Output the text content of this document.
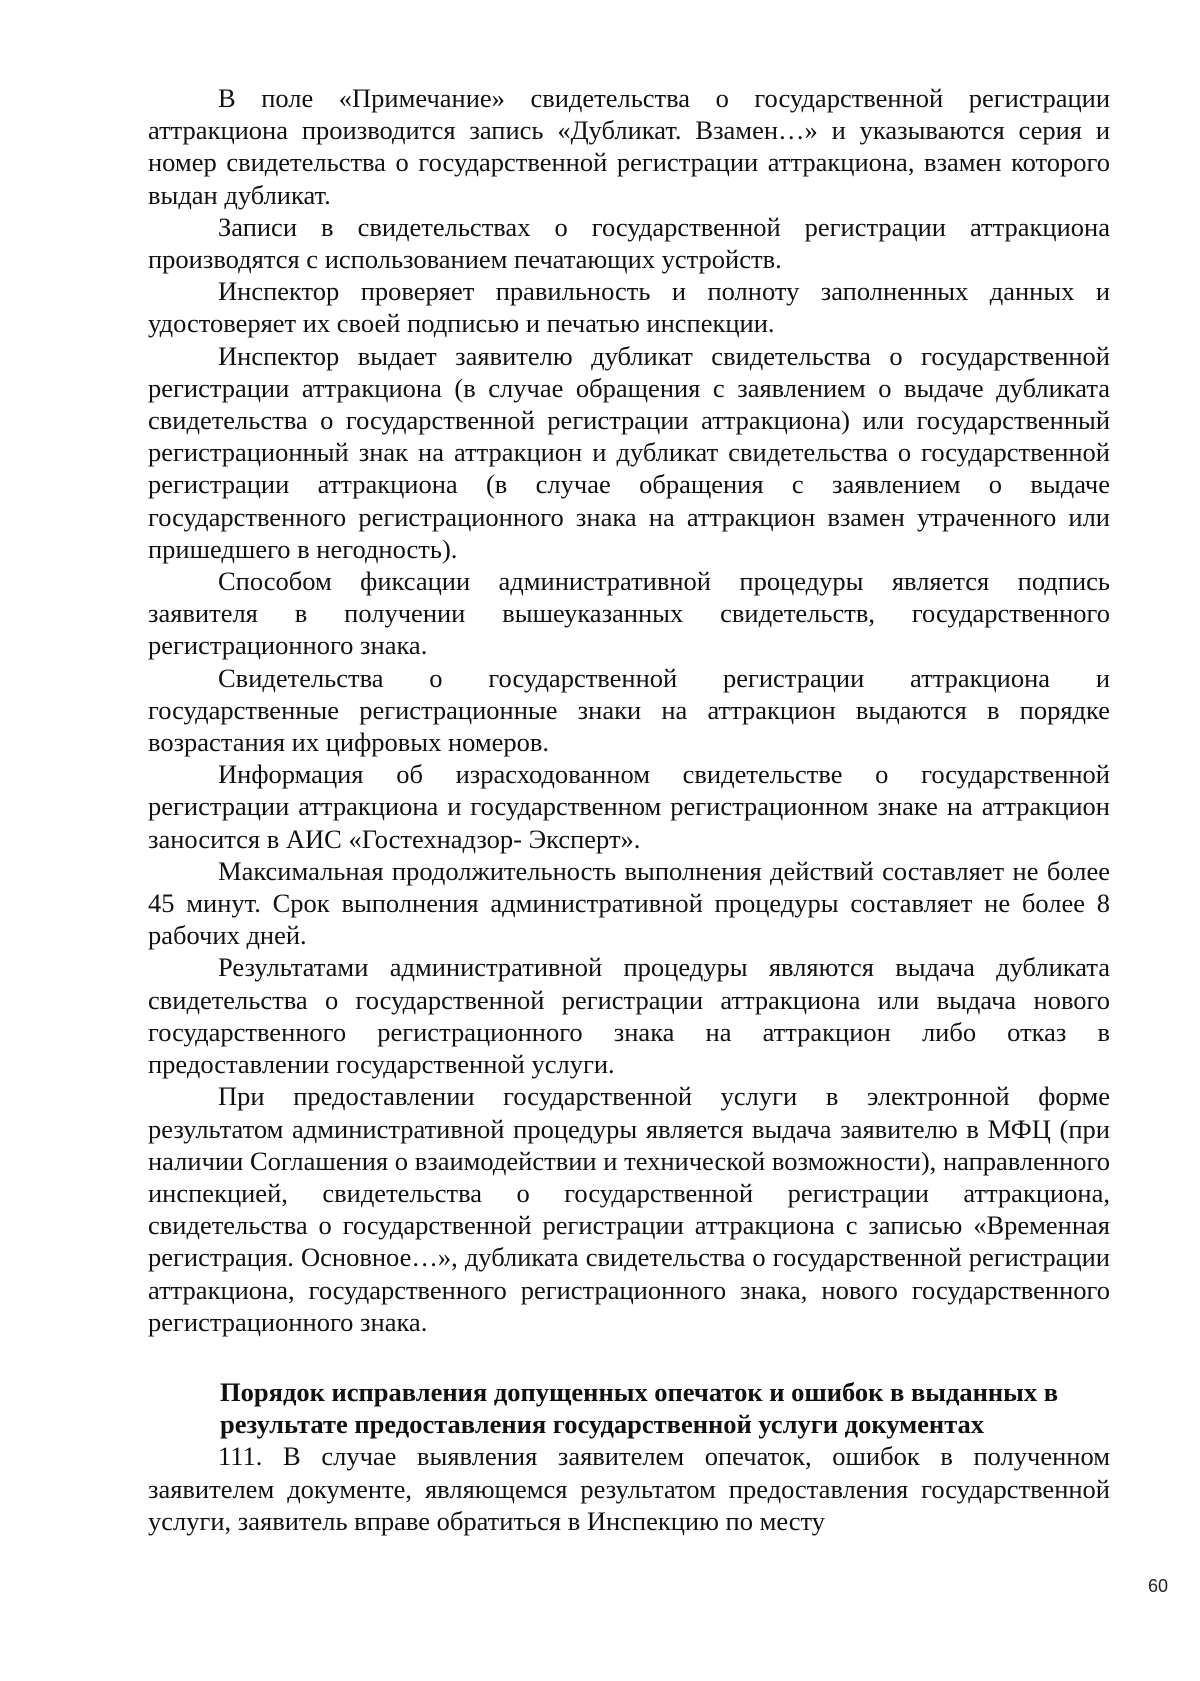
В поле «Примечание» свидетельства о государственной регистрации аттракциона производится запись «Дубликат. Взамен…» и указываются серия и номер свидетельства о государственной регистрации аттракциона, взамен которого выдан дубликат.

Записи в свидетельствах о государственной регистрации аттракциона производятся с использованием печатающих устройств.

Инспектор проверяет правильность и полноту заполненных данных и удостоверяет их своей подписью и печатью инспекции.

Инспектор выдает заявителю дубликат свидетельства о государственной регистрации аттракциона (в случае обращения с заявлением о выдаче дубликата свидетельства о государственной регистрации аттракциона) или государственный регистрационный знак на аттракцион и дубликат свидетельства о государственной регистрации аттракциона (в случае обращения с заявлением о выдаче государственного регистрационного знака на аттракцион взамен утраченного или пришедшего в негодность).

Способом фиксации административной процедуры является подпись заявителя в получении вышеуказанных свидетельств, государственного регистрационного знака.

Свидетельства о государственной регистрации аттракциона и государственные регистрационные знаки на аттракцион выдаются в порядке возрастания их цифровых номеров.

Информация об израсходованном свидетельстве о государственной регистрации аттракциона и государственном регистрационном знаке на аттракцион заносится в АИС «Гостехнадзор- Эксперт».

Максимальная продолжительность выполнения действий составляет не более 45 минут. Срок выполнения административной процедуры составляет не более 8 рабочих дней.

Результатами административной процедуры являются выдача дубликата свидетельства о государственной регистрации аттракциона или выдача нового государственного регистрационного знака на аттракцион либо отказ в предоставлении государственной услуги.

При предоставлении государственной услуги в электронной форме результатом административной процедуры является выдача заявителю в МФЦ (при наличии Соглашения о взаимодействии и технической возможности), направленного инспекцией, свидетельства о государственной регистрации аттракциона, свидетельства о государственной регистрации аттракциона с записью «Временная регистрация. Основное…», дубликата свидетельства о государственной регистрации аттракциона, государственного регистрационного знака, нового государственного регистрационного знака.

Порядок исправления допущенных опечаток и ошибок в выданных в результате предоставления государственной услуги документах

111. В случае выявления заявителем опечаток, ошибок в полученном заявителем документе, являющемся результатом предоставления государственной услуги, заявитель вправе обратиться в Инспекцию по месту

60
